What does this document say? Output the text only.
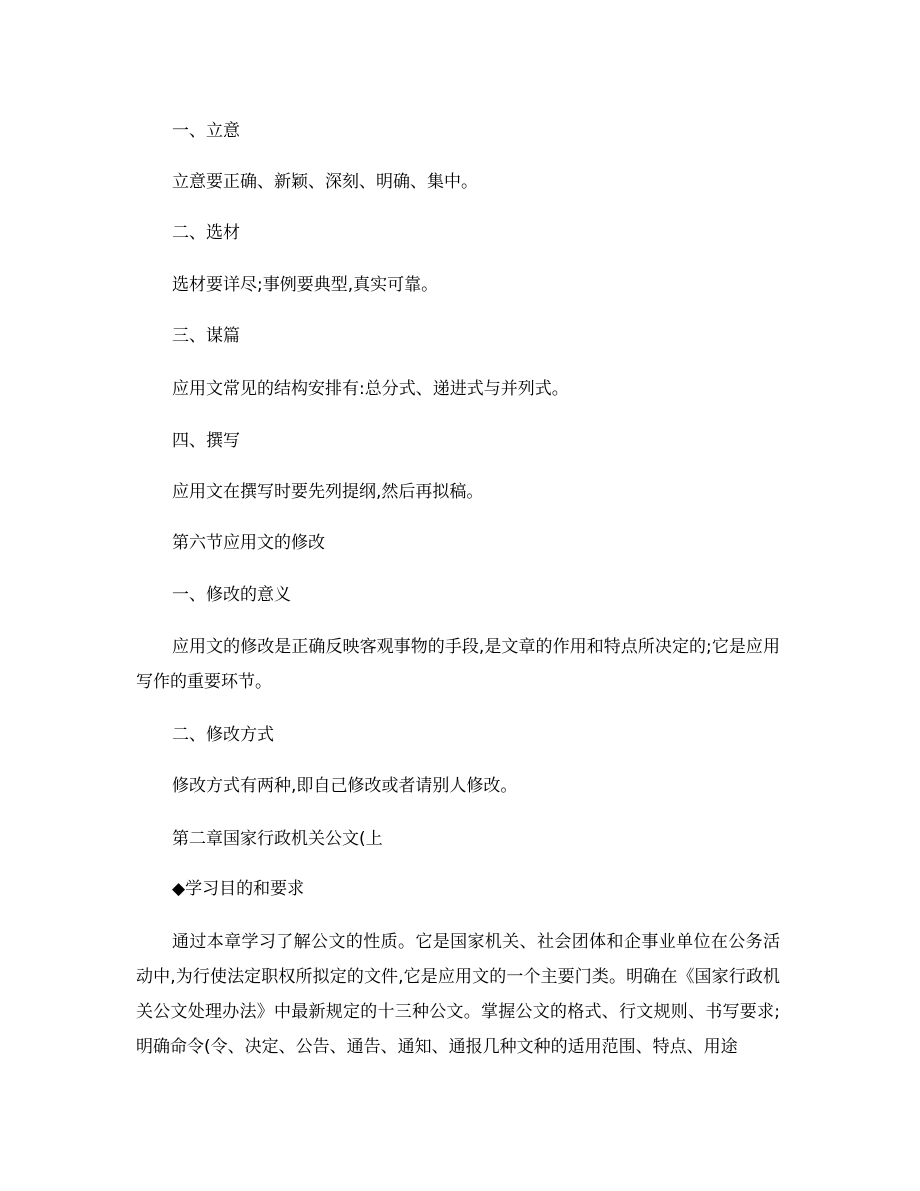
一、立意
立意要正确、新颖、深刻、明确、集中。
二、选材
选材要详尽;事例要典型,真实可靠。
三、谋篇
应用文常见的结构安排有:总分式、递进式与并列式。
四、撰写
应用文在撰写时要先列提纲,然后再拟稿。
第六节应用文的修改
一、修改的意义
应用文的修改是正确反映客观事物的手段,是文章的作用和特点所决定的;它是应用写作的重要环节。
二、修改方式
修改方式有两种,即自己修改或者请别人修改。
第二章国家行政机关公文(上
◆学习目的和要求
通过本章学习了解公文的性质。它是国家机关、社会团体和企事业单位在公务活动中,为行使法定职权所拟定的文件,它是应用文的一个主要门类。明确在《国家行政机关公文处理办法》中最新规定的十三种公文。掌握公文的格式、行文规则、书写要求;明确命令(令、决定、公告、通告、通知、通报几种文种的适用范围、特点、用途
